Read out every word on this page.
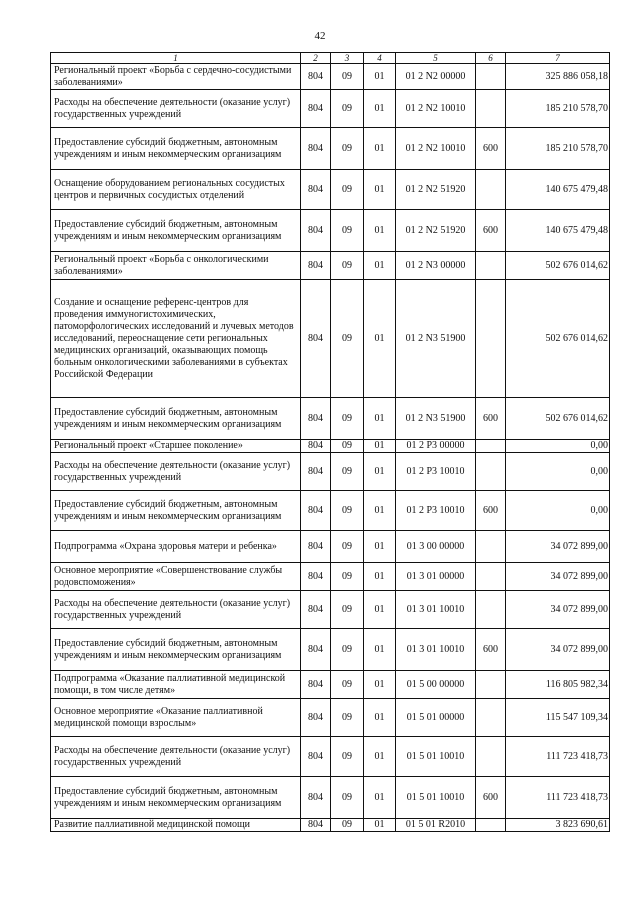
42
1	2	3	4	5	6	7
Региональный проект «Борьба с сердечно-сосудистыми заболеваниями»	804	09	01	01 2 N2 00000		325 886 058,18
Расходы на обеспечение деятельности (оказание услуг) государственных учреждений	804	09	01	01 2 N2 10010		185 210 578,70
Предоставление субсидий бюджетным, автономным учреждениям и иным некоммерческим организациям	804	09	01	01 2 N2 10010	600	185 210 578,70
Оснащение оборудованием региональных сосудистых центров и первичных сосудистых отделений	804	09	01	01 2 N2 51920		140 675 479,48
Предоставление субсидий бюджетным, автономным учреждениям и иным некоммерческим организациям	804	09	01	01 2 N2 51920	600	140 675 479,48
Региональный проект «Борьба с онкологическими заболеваниями»	804	09	01	01 2 N3 00000		502 676 014,62
Создание и оснащение референс-центров для проведения иммуногистохимических, патоморфологических исследований и лучевых методов исследований, переоснащение сети региональных медицинских организаций, оказывающих помощь больным онкологическими заболеваниями в субъектах Российской Федерации	804	09	01	01 2 N3 51900		502 676 014,62
Предоставление субсидий бюджетным, автономным учреждениям и иным некоммерческим организациям	804	09	01	01 2 N3 51900	600	502 676 014,62
Региональный проект «Старшее поколение»	804	09	01	01 2 P3 00000		0,00
Расходы на обеспечение деятельности (оказание услуг) государственных учреждений	804	09	01	01 2 P3 10010		0,00
Предоставление субсидий бюджетным, автономным учреждениям и иным некоммерческим организациям	804	09	01	01 2 P3 10010	600	0,00
Подпрограмма «Охрана здоровья матери и ребенка»	804	09	01	01 3 00 00000		34 072 899,00
Основное мероприятие «Совершенствование службы родовспоможения»	804	09	01	01 3 01 00000		34 072 899,00
Расходы на обеспечение деятельности (оказание услуг) государственных учреждений	804	09	01	01 3 01 10010		34 072 899,00
Предоставление субсидий бюджетным, автономным учреждениям и иным некоммерческим организациям	804	09	01	01 3 01 10010	600	34 072 899,00
Подпрограмма «Оказание паллиативной медицинской помощи, в том числе детям»	804	09	01	01 5 00 00000		116 805 982,34
Основное мероприятие «Оказание паллиативной медицинской помощи взрослым»	804	09	01	01 5 01 00000		115 547 109,34
Расходы на обеспечение деятельности (оказание услуг) государственных учреждений	804	09	01	01 5 01 10010		111 723 418,73
Предоставление субсидий бюджетным, автономным учреждениям и иным некоммерческим организациям	804	09	01	01 5 01 10010	600	111 723 418,73
Развитие паллиативной медицинской помощи	804	09	01	01 5 01 R2010		3 823 690,61
